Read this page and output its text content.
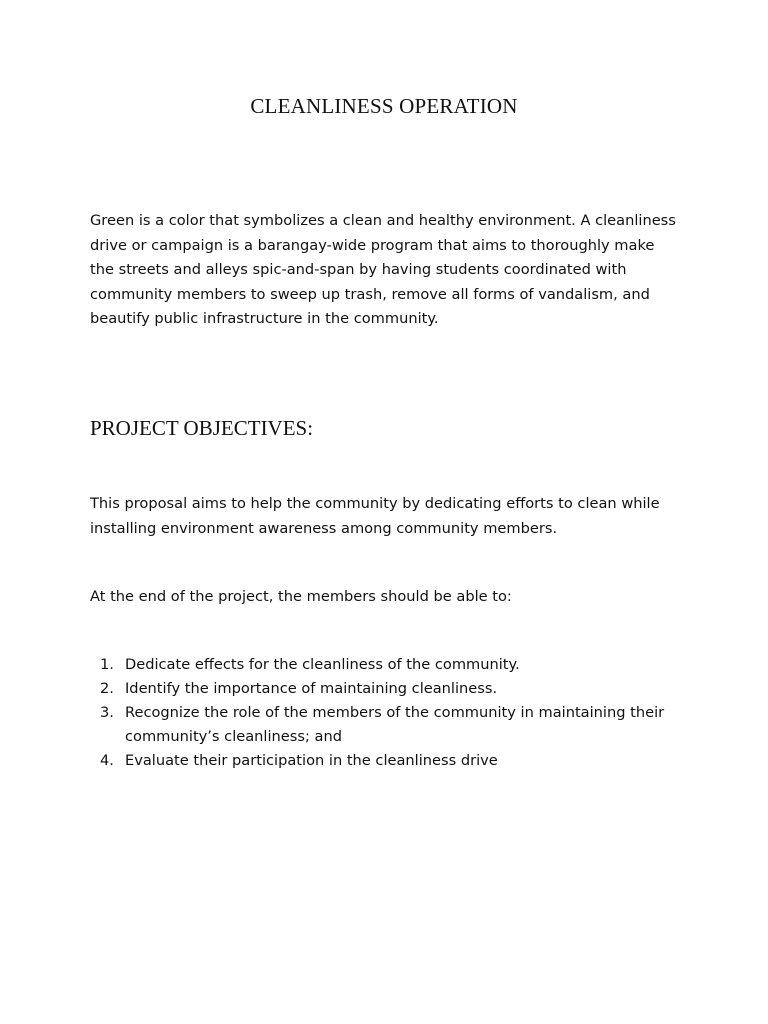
CLEANLINESS OPERATION

Green is a color that symbolizes a clean and healthy environment. A cleanliness drive or campaign is a barangay-wide program that aims to thoroughly make the streets and alleys spic-and-span by having students coordinated with community members to sweep up trash, remove all forms of vandalism, and beautify public infrastructure in the community.

PROJECT OBJECTIVES:

This proposal aims to help the community by dedicating efforts to clean while installing environment awareness among community members.

At the end of the project, the members should be able to:

1. Dedicate effects for the cleanliness of the community.
2. Identify the importance of maintaining cleanliness.
3. Recognize the role of the members of the community in maintaining their community’s cleanliness; and
4. Evaluate their participation in the cleanliness drive
